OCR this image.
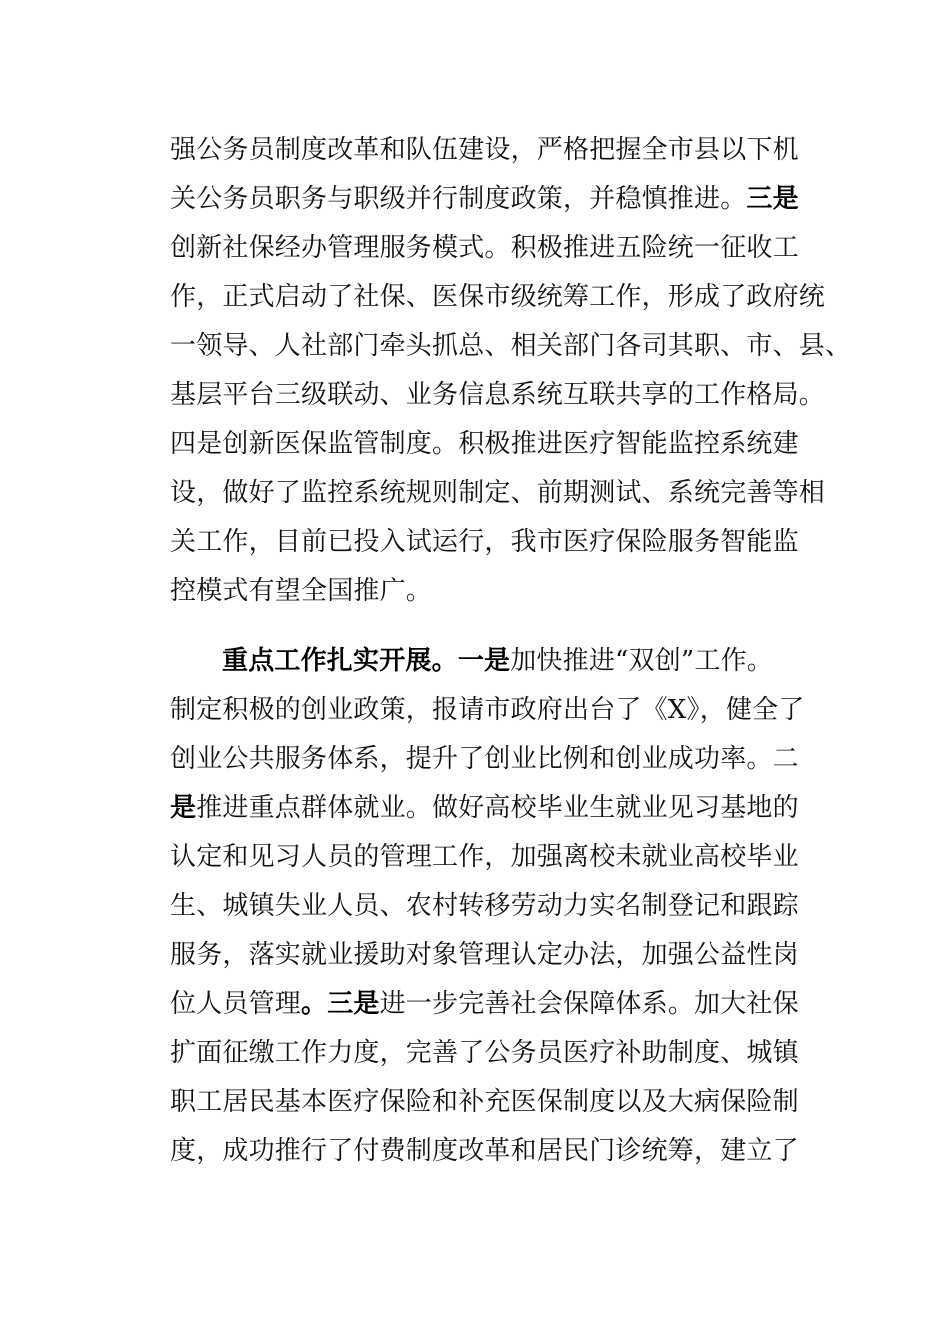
强公务员制度改革和队伍建设，严格把握全市县以下机
关公务员职务与职级并行制度政策，并稳慎推进。三是
创新社保经办管理服务模式。积极推进五险统一征收工
作，正式启动了社保、医保市级统筹工作，形成了政府统
一领导、人社部门牵头抓总、相关部门各司其职、市、县、
基层平台三级联动、业务信息系统互联共享的工作格局。
四是创新医保监管制度。积极推进医疗智能监控系统建
设，做好了监控系统规则制定、前期测试、系统完善等相
关工作，目前已投入试运行，我市医疗保险服务智能监
控模式有望全国推广。
重点工作扎实开展。一是加快推进“双创”工作。
制定积极的创业政策，报请市政府出台了《X》，健全了
创业公共服务体系，提升了创业比例和创业成功率。二
是推进重点群体就业。做好高校毕业生就业见习基地的
认定和见习人员的管理工作，加强离校未就业高校毕业
生、城镇失业人员、农村转移劳动力实名制登记和跟踪
服务，落实就业援助对象管理认定办法，加强公益性岗
位人员管理。三是进一步完善社会保障体系。加大社保
扩面征缴工作力度，完善了公务员医疗补助制度、城镇
职工居民基本医疗保险和补充医保制度以及大病保险制
度，成功推行了付费制度改革和居民门诊统筹，建立了
